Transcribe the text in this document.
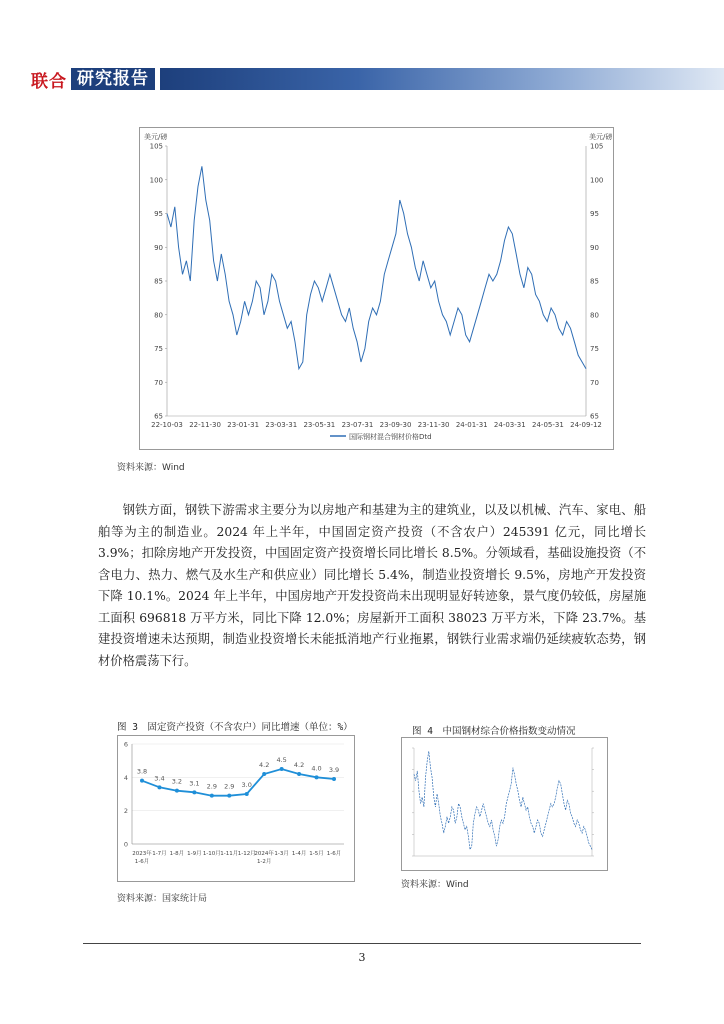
联合 研究报告
美元/磅	美元/磅
65	65
70	70
75	75
80	80
85	85
90	90
95	95
100	100
105	105
22-10-03 22-11-30 23-01-31 23-03-31 23-05-31 23-07-31 23-09-30 23-11-30 24-01-31 24-03-31 24-05-31 24-09-12
国际钢材混合钢材价格Dtd
资料来源：Wind
钢铁方面，钢铁下游需求主要分为以房地产和基建为主的建筑业，以及以机械、汽车、家电、船舶等为主的制造业。2024 年上半年，中国固定资产投资（不含农户）245391 亿元，同比增长 3.9%；扣除房地产开发投资，中国固定资产投资增长同比增长 8.5%。分领域看，基础设施投资（不含电力、热力、燃气及水生产和供应业）同比增长 5.4%，制造业投资增长 9.5%，房地产开发投资下降 10.1%。2024 年上半年，中国房地产开发投资尚未出现明显好转迹象，景气度仍较低，房屋施工面积 696818 万平方米，同比下降 12.0%；房屋新开工面积 38023 万平方米，下降 23.7%。基建投资增速未达预期，制造业投资增长未能抵消地产行业拖累，钢铁行业需求端仍延续疲软态势，钢材价格震荡下行。
图 3　固定资产投资（不含农户）同比增速（单位：%）
0
2
4
6
3.8
2023年 1-6月
3.4
1-7月
3.2
1-8月
3.1
1-9月
2.9
1-10月
2.9
1-11月
3.0
1-12月
4.2
2024年 1-2月
4.5
1-3月
4.2
1-4月
4.0
1-5月
3.9
1-6月
资料来源：国家统计局
图 4　中国钢材综合价格指数变动情况
资料来源：Wind
3
